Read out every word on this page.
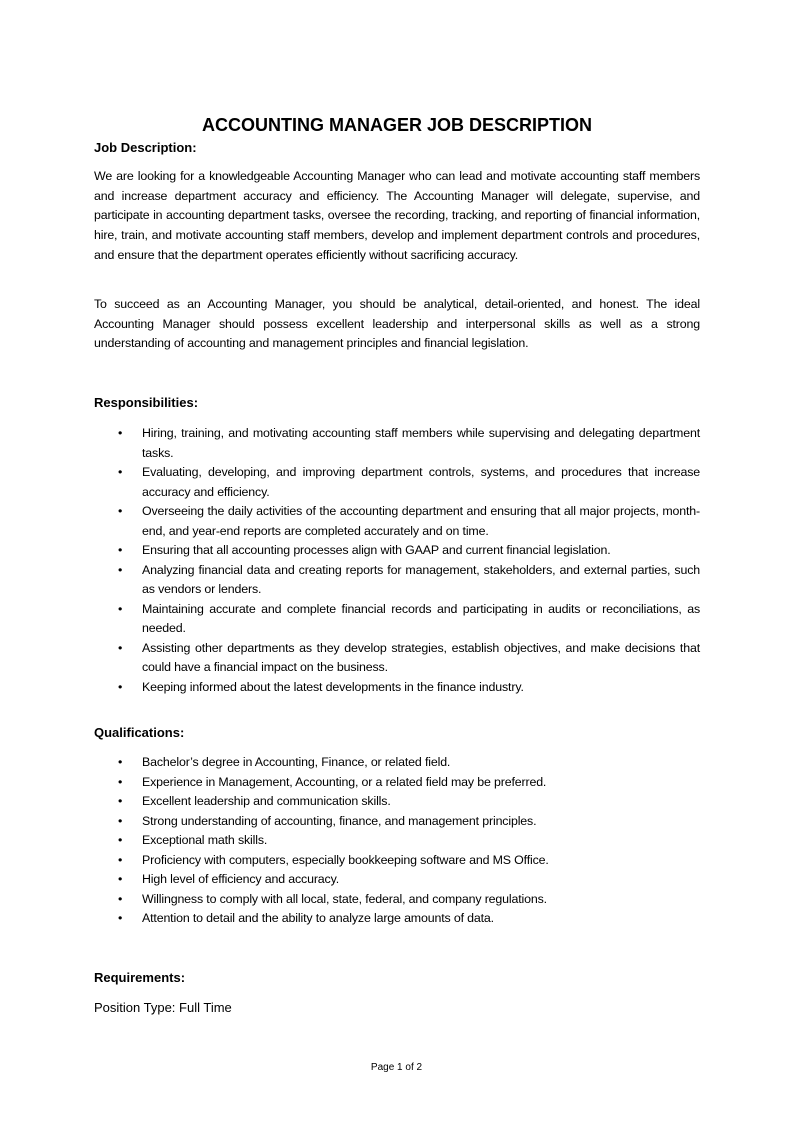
ACCOUNTING MANAGER JOB DESCRIPTION
Job Description:

We are looking for a knowledgeable Accounting Manager who can lead and motivate accounting staff members and increase department accuracy and efficiency. The Accounting Manager will delegate, supervise, and participate in accounting department tasks, oversee the recording, tracking, and reporting of financial information, hire, train, and motivate accounting staff members, develop and implement department controls and procedures, and ensure that the department operates efficiently without sacrificing accuracy.

To succeed as an Accounting Manager, you should be analytical, detail-oriented, and honest. The ideal Accounting Manager should possess excellent leadership and interpersonal skills as well as a strong understanding of accounting and management principles and financial legislation.

Responsibilities:
• Hiring, training, and motivating accounting staff members while supervising and delegating department tasks.
• Evaluating, developing, and improving department controls, systems, and procedures that increase accuracy and efficiency.
• Overseeing the daily activities of the accounting department and ensuring that all major projects, month-end, and year-end reports are completed accurately and on time.
• Ensuring that all accounting processes align with GAAP and current financial legislation.
• Analyzing financial data and creating reports for management, stakeholders, and external parties, such as vendors or lenders.
• Maintaining accurate and complete financial records and participating in audits or reconciliations, as needed.
• Assisting other departments as they develop strategies, establish objectives, and make decisions that could have a financial impact on the business.
• Keeping informed about the latest developments in the finance industry.
Qualifications:
• Bachelor’s degree in Accounting, Finance, or related field.
• Experience in Management, Accounting, or a related field may be preferred.
• Excellent leadership and communication skills.
• Strong understanding of accounting, finance, and management principles.
• Exceptional math skills.
• Proficiency with computers, especially bookkeeping software and MS Office.
• High level of efficiency and accuracy.
• Willingness to comply with all local, state, federal, and company regulations.
• Attention to detail and the ability to analyze large amounts of data.
Requirements:
Position Type: Full Time
Page 1 of 2
